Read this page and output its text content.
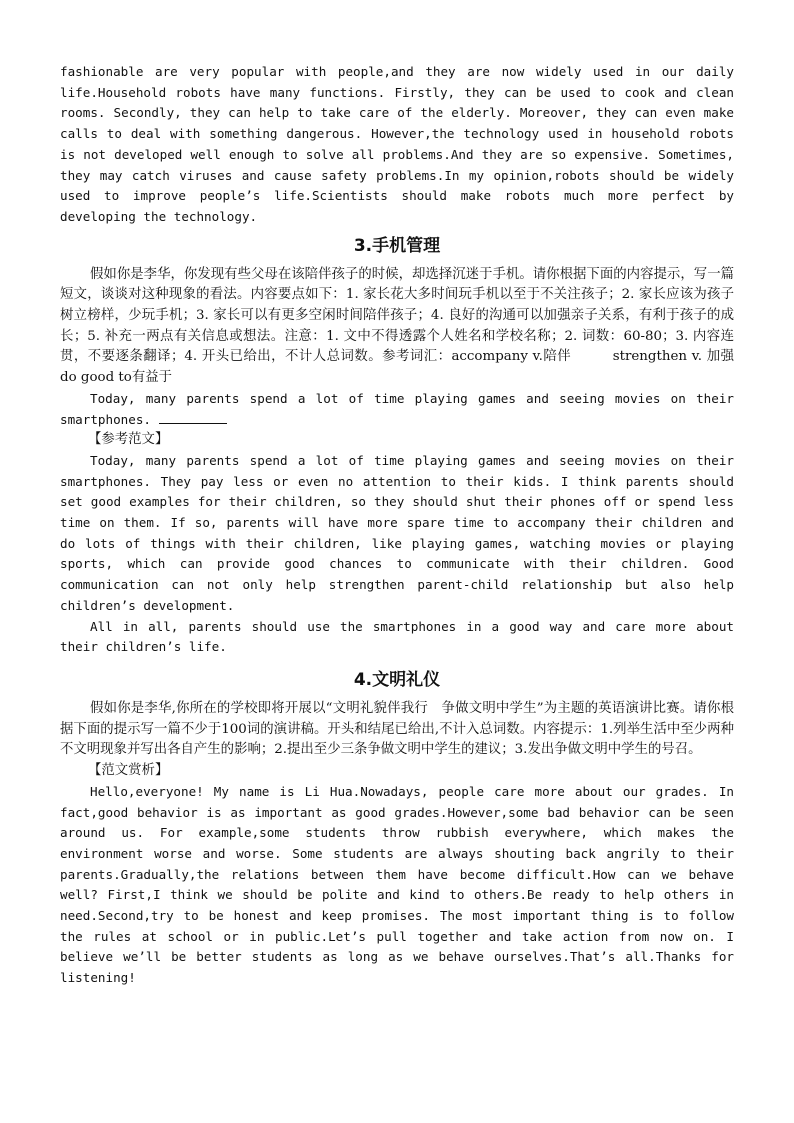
fashionable are very popular with people,and they are now widely used in our daily life.Household robots have many functions. Firstly, they can be used to cook and clean rooms. Secondly, they can help to take care of the elderly. Moreover, they can even make calls to deal with something dangerous. However,the technology used in household robots is not developed well enough to solve all problems.And they are so expensive. Sometimes, they may catch viruses and cause safety problems.In my opinion,robots should be widely used to improve people’s life.Scientists should make robots much more perfect by developing the technology.

3.手机管理

假如你是李华，你发现有些父母在该陪伴孩子的时候，却选择沉迷于手机。请你根据下面的内容提示，写一篇短文，谈谈对这种现象的看法。内容要点如下：1. 家长花大多时间玩手机以至于不关注孩子；2. 家长应该为孩子树立榜样，少玩手机；3. 家长可以有更多空闲时间陪伴孩子；4. 良好的沟通可以加强亲子关系，有利于孩子的成长；5. 补充一两点有关信息或想法。注意：1. 文中不得透露个人姓名和学校名称；2. 词数：60-80；3. 内容连贯，不要逐条翻译；4. 开头已给出，不计人总词数。参考词汇：accompany v.陪伴　　　strengthen v. 加强　　　do good to有益于

Today, many parents spend a lot of time playing games and seeing movies on their smartphones.

【参考范文】

Today, many parents spend a lot of time playing games and seeing movies on their smartphones. They pay less or even no attention to their kids. I think parents should set good examples for their children, so they should shut their phones off or spend less time on them. If so, parents will have more spare time to accompany their children and do lots of things with their children, like playing games, watching movies or playing sports, which can provide good chances to communicate with their children. Good communication can not only help strengthen parent-child relationship but also help children’s development.

All in all, parents should use the smartphones in a good way and care more about their children’s life.

4.文明礼仪

假如你是李华,你所在的学校即将开展以“文明礼貌伴我行　争做文明中学生”为主题的英语演讲比赛。请你根据下面的提示写一篇不少于100词的演讲稿。开头和结尾已给出,不计入总词数。内容提示：1.列举生活中至少两种不文明现象并写出各自产生的影响；2.提出至少三条争做文明中学生的建议；3.发出争做文明中学生的号召。

【范文赏析】

Hello,everyone! My name is Li Hua.Nowadays, people care more about our grades. In fact,good behavior is as important as good grades.However,some bad behavior can be seen around us. For example,some students throw rubbish everywhere, which makes the environment worse and worse. Some students are always shouting back angrily to their parents.Gradually,the relations between them have become difficult.How can we behave well? First,I think we should be polite and kind to others.Be ready to help others in need.Second,try to be honest and keep promises. The most important thing is to follow the rules at school or in public.Let’s pull together and take action from now on. I believe we’ll be better students as long as we behave ourselves.That’s all.Thanks for listening!
